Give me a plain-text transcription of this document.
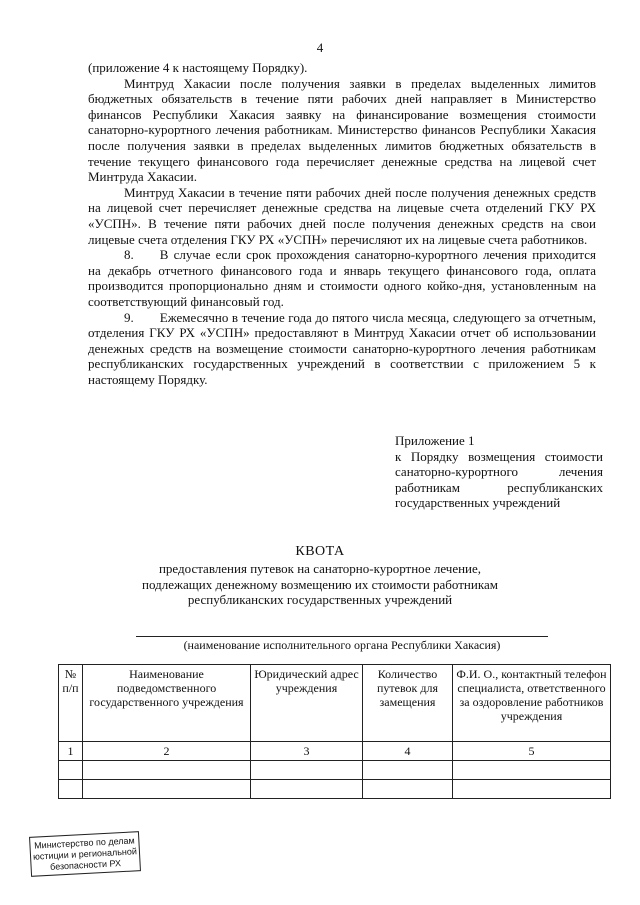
4

(приложение 4 к настоящему Порядку).

Минтруд Хакасии после получения заявки в пределах выделенных лимитов бюджетных обязательств в течение пяти рабочих дней направляет в Министерство финансов Республики Хакасия заявку на финансирование возмещения стоимости санаторно-курортного лечения работникам. Министерство финансов Республики Хакасия после получения заявки в пределах выделенных лимитов бюджетных обязательств в течение текущего финансового года перечисляет денежные средства на лицевой счет Минтруда Хакасии.

Минтруд Хакасии в течение пяти рабочих дней после получения денежных средств на лицевой счет перечисляет денежные средства на лицевые счета отделений ГКУ РХ «УСПН». В течение пяти рабочих дней после получения денежных средств на свои лицевые счета отделения ГКУ РХ «УСПН» перечисляют их на лицевые счета работников.

8.  В случае если срок прохождения санаторно-курортного лечения приходится на декабрь отчетного финансового года и январь текущего финансового года, оплата производится пропорционально дням и стоимости одного койко-дня, установленным на соответствующий финансовый год.

9.  Ежемесячно в течение года до пятого числа месяца, следующего за отчетным, отделения ГКУ РХ «УСПН» предоставляют в Минтруд Хакасии отчет об использовании денежных средств на возмещение стоимости санаторно-курортного лечения работникам республиканских государственных учреждений в соответствии с приложением 5 к настоящему Порядку.

Приложение 1
к Порядку возмещения стоимости санаторно-курортного лечения работникам республиканских государственных учреждений
КВОТА
предоставления путевок на санаторно-курортное лечение,
подлежащих денежному возмещению их стоимости работникам
республиканских государственных учреждений
(наименование исполнительного органа Республики Хакасия)
№ п/п	Наименование подведомственного государственного учреждения	Юридический адрес учреждения	Количество путевок для замещения	Ф.И. О., контактный телефон специалиста, ответственного за оздоровление работников учреждения
1	2	3	4	5

Министерство по делам юстиции и региональной безопасности РХ
